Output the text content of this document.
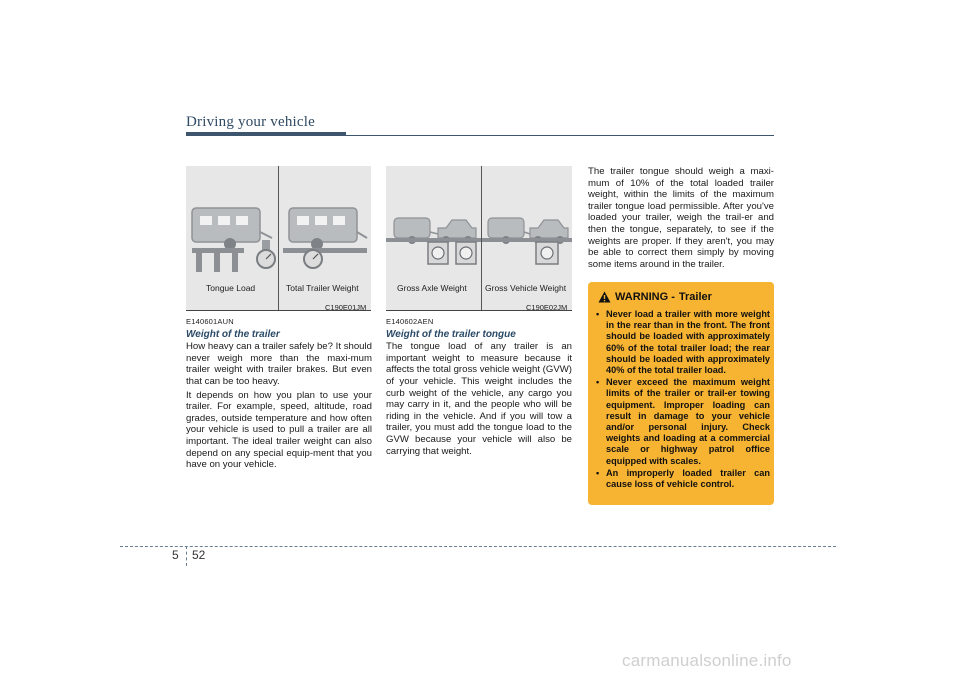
Driving your vehicle
Tongue Load	Total Trailer Weight
C190E01JM
Gross Axle Weight Gross Vehicle Weight
C190E02JM
E140601AUN
Weight of the trailer

How heavy can a trailer safely be? It should never weigh more than the maxi-mum trailer weight with trailer brakes. But even that can be too heavy.

It depends on how you plan to use your trailer. For example, speed, altitude, road grades, outside temperature and how often your vehicle is used to pull a trailer are all important. The ideal trailer weight can also depend on any special equip-ment that you have on your vehicle.

E140602AEN
Weight of the trailer tongue

The tongue load of any trailer is an important weight to measure because it affects the total gross vehicle weight (GVW) of your vehicle. This weight includes the curb weight of the vehicle, any cargo you may carry in it, and the people who will be riding in the vehicle. And if you will tow a trailer, you must add the tongue load to the GVW because your vehicle will also be carrying that weight.

The trailer tongue should weigh a maxi-mum of 10% of the total loaded trailer weight, within the limits of the maximum trailer tongue load permissible. After you've loaded your trailer, weigh the trail-er and then the tongue, separately, to see if the weights are proper. If they aren't, you may be able to correct them simply by moving some items around in the trailer.

WARNING - Trailer
• Never load a trailer with more weight in the rear than in the front. The front should be loaded with approximately 60% of the total trailer load; the rear should be loaded with approximately 40% of the total trailer load.
• Never exceed the maximum weight limits of the trailer or trail-er towing equipment. Improper loading can result in damage to your vehicle and/or personal injury. Check weights and loading at a commercial scale or highway patrol office equipped with scales.
• An improperly loaded trailer can cause loss of vehicle control.
5 52
carmanualsonline.info
